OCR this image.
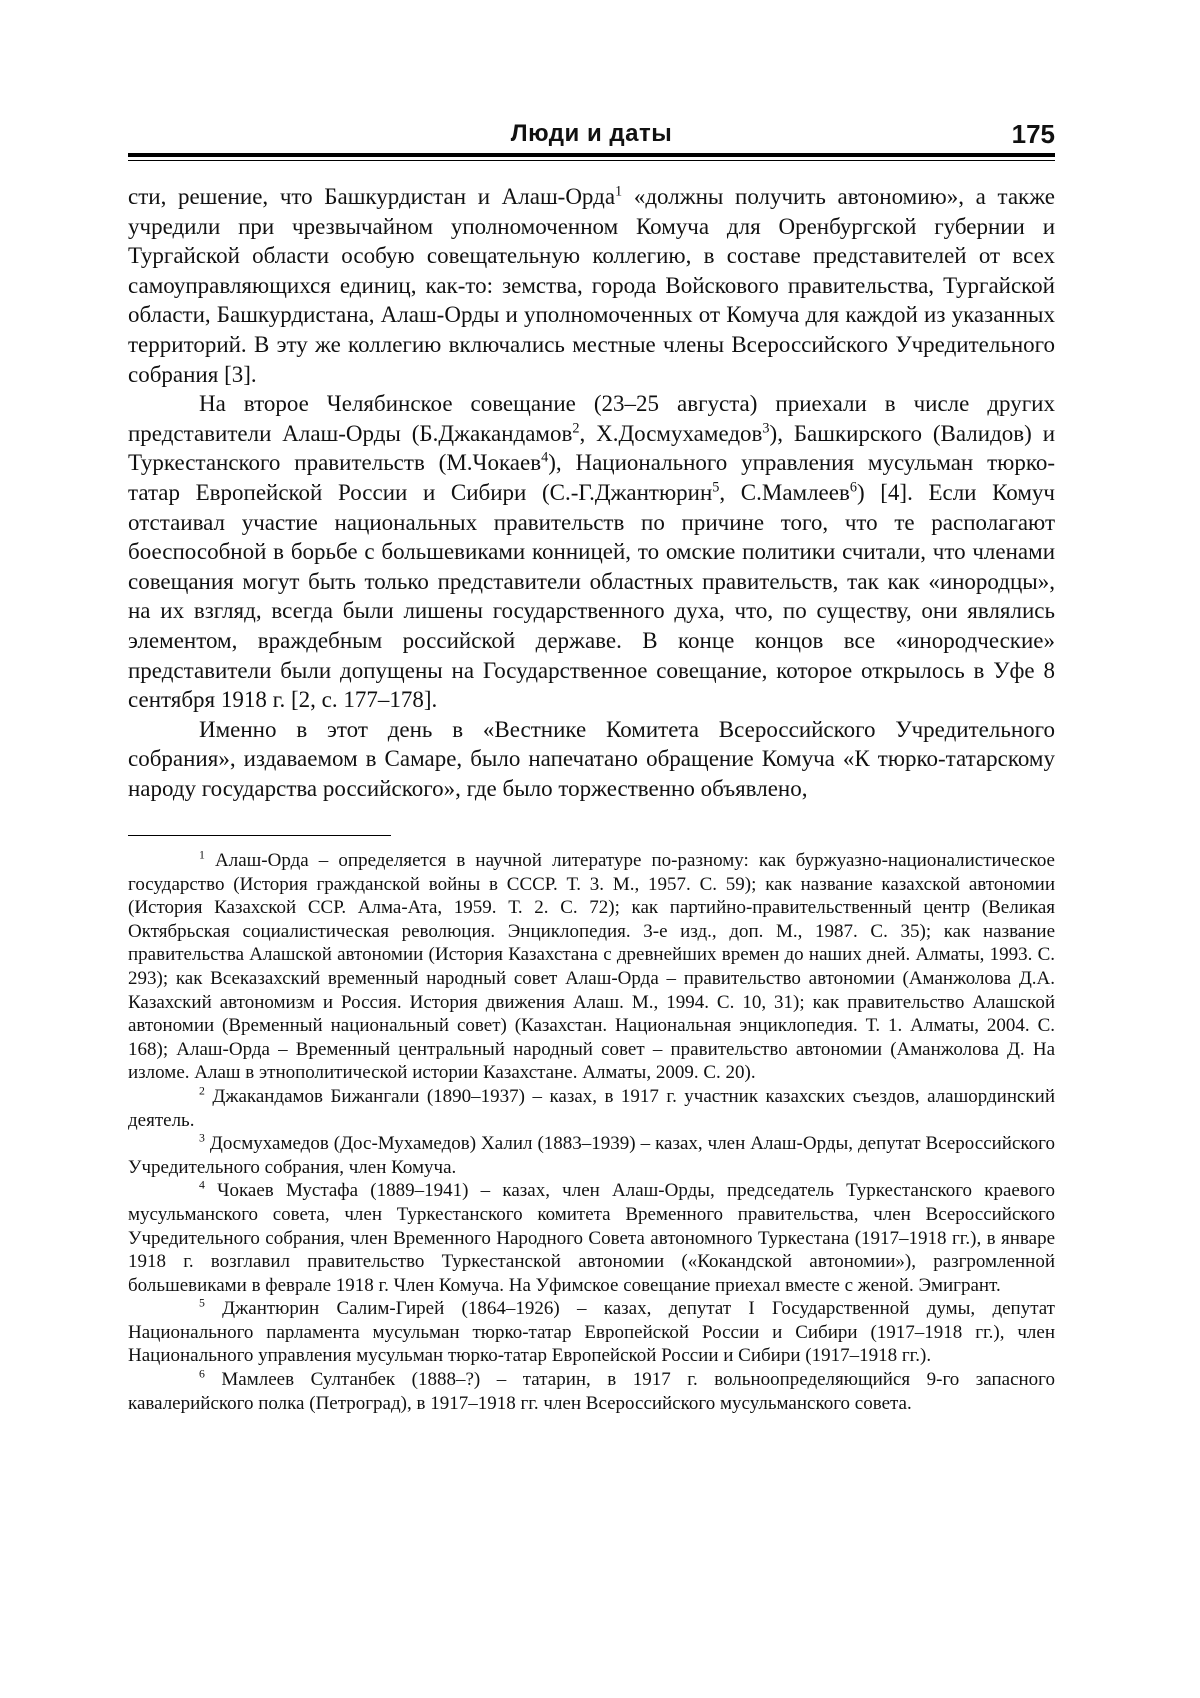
Люди и даты	175

сти, решение, что Башкурдистан и Алаш-Орда$^1$ «должны получить автономию», а также учредили при чрезвычайном уполномоченном Комуча для Оренбургской губернии и Тургайской области особую совещательную коллегию, в составе представителей от всех самоуправляющихся единиц, как-то: земства, города Войскового правительства, Тургайской области, Башкурдистана, Алаш-Орды и уполномоченных от Комуча для каждой из указанных территорий. В эту же коллегию включались местные члены Всероссийского Учредительного собрания [3].

На второе Челябинское совещание (23–25 августа) приехали в числе других представители Алаш-Орды (Б.Джакандамов$^2$, Х.Досмухамедов$^3$), Башкирского (Валидов) и Туркестанского правительств (М.Чокаев$^4$), Национального управления мусульман тюрко-татар Европейской России и Сибири (С.-Г.Джантюрин$^5$, С.Мамлеев$^6$) [4]. Если Комуч отстаивал участие национальных правительств по причине того, что те располагают боеспособной в борьбе с большевиками конницей, то омские политики считали, что членами совещания могут быть только представители областных правительств, так как «инородцы», на их взгляд, всегда были лишены государственного духа, что, по существу, они являлись элементом, враждебным российской державе. В конце концов все «инородческие» представители были допущены на Государственное совещание, которое открылось в Уфе 8 сентября 1918 г. [2, с. 177–178].

Именно в этот день в «Вестнике Комитета Всероссийского Учредительного собрания», издаваемом в Самаре, было напечатано обращение Комуча «К тюрко-татарскому народу государства российского», где было торжественно объявлено,

$^1$ Алаш-Орда – определяется в научной литературе по-разному: как буржуазно-националистическое государство (История гражданской войны в СССР. Т. 3. М., 1957. С. 59); как название казахской автономии (История Казахской ССР. Алма-Ата, 1959. Т. 2. С. 72); как партийно-правительственный центр (Великая Октябрьская социалистическая революция. Энциклопедия. 3-е изд., доп. М., 1987. С. 35); как название правительства Алашской автономии (История Казахстана с древнейших времен до наших дней. Алматы, 1993. С. 293); как Всеказахский временный народный совет Алаш-Орда – правительство автономии (Аманжолова Д.А. Казахский автономизм и Россия. История движения Алаш. М., 1994. С. 10, 31); как правительство Алашской автономии (Временный национальный совет) (Казахстан. Национальная энциклопедия. Т. 1. Алматы, 2004. С. 168); Алаш-Орда – Временный центральный народный совет – правительство автономии (Аманжолова Д. На изломе. Алаш в этнополитической истории Казахстане. Алматы, 2009. С. 20).

$^2$ Джакандамов Бижангали (1890–1937) – казах, в 1917 г. участник казахских съездов, алашординский деятель.

$^3$ Досмухамедов (Дос-Мухамедов) Халил (1883–1939) – казах, член Алаш-Орды, депутат Всероссийского Учредительного собрания, член Комуча.

$^4$ Чокаев Мустафа (1889–1941) – казах, член Алаш-Орды, председатель Туркестанского краевого мусульманского совета, член Туркестанского комитета Временного правительства, член Всероссийского Учредительного собрания, член Временного Народного Совета автономного Туркестана (1917–1918 гг.), в январе 1918 г. возглавил правительство Туркестанской автономии («Кокандской автономии»), разгромленной большевиками в феврале 1918 г. Член Комуча. На Уфимское совещание приехал вместе с женой. Эмигрант.

$^5$ Джантюрин Салим-Гирей (1864–1926) – казах, депутат I Государственной думы, депутат Национального парламента мусульман тюрко-татар Европейской России и Сибири (1917–1918 гг.), член Национального управления мусульман тюрко-татар Европейской России и Сибири (1917–1918 гг.).

$^6$ Мамлеев Султанбек (1888–?) – татарин, в 1917 г. вольноопределяющийся 9-го запасного кавалерийского полка (Петроград), в 1917–1918 гг. член Всероссийского мусульманского совета.
